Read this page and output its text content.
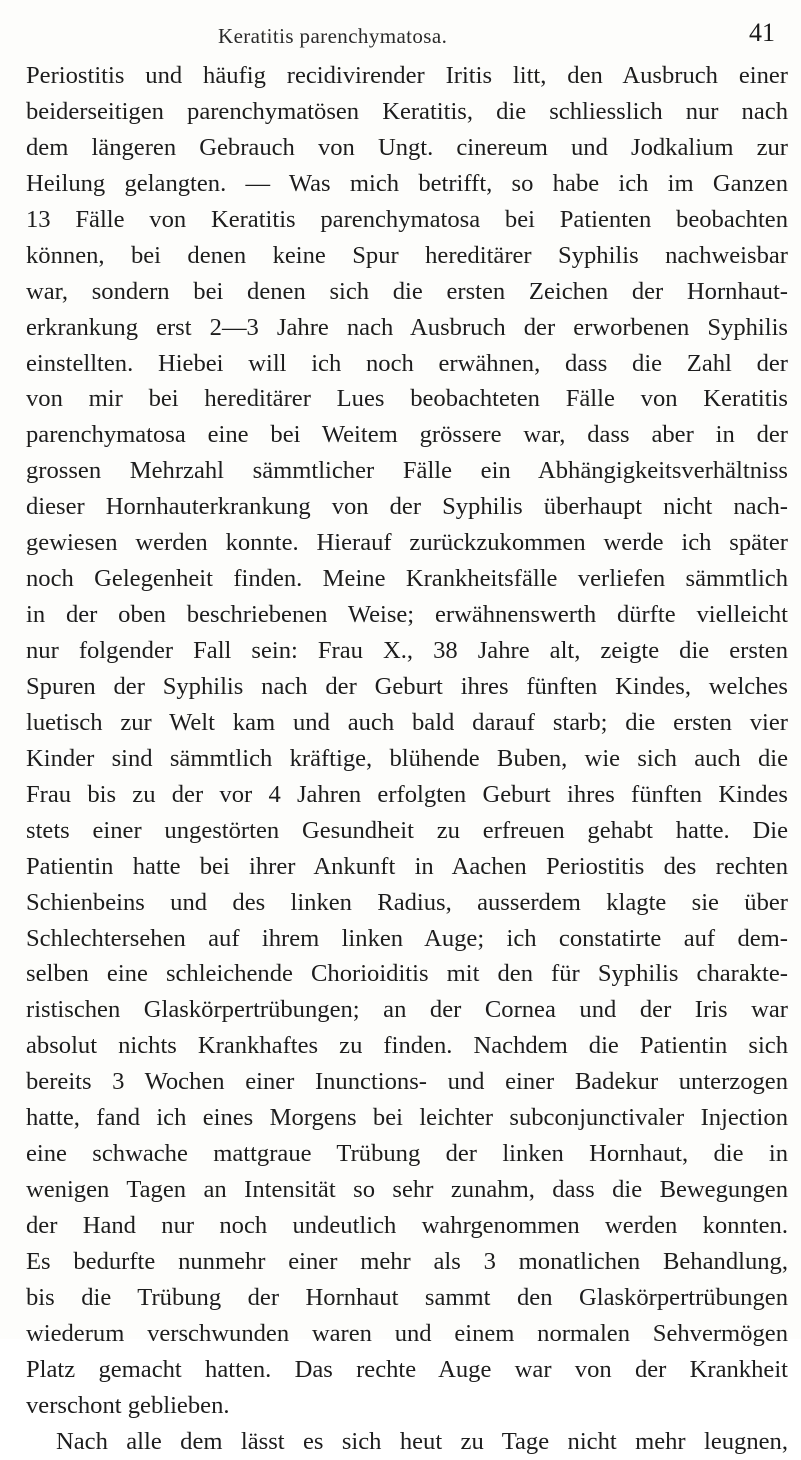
Keratitis parenchymatosa.	41
Periostitis und häufig recidivirender Iritis litt, den Ausbruch einer
beiderseitigen parenchymatösen Keratitis, die schliesslich nur nach
dem längeren Gebrauch von Ungt. cinereum und Jodkalium zur
Heilung gelangten. — Was mich betrifft, so habe ich im Ganzen
13 Fälle von Keratitis parenchymatosa bei Patienten beobachten
können, bei denen keine Spur hereditärer Syphilis nachweisbar
war, sondern bei denen sich die ersten Zeichen der Hornhaut-
erkrankung erst 2—3 Jahre nach Ausbruch der erworbenen Syphilis
einstellten. Hiebei will ich noch erwähnen, dass die Zahl der
von mir bei hereditärer Lues beobachteten Fälle von Keratitis
parenchymatosa eine bei Weitem grössere war, dass aber in der
grossen Mehrzahl sämmtlicher Fälle ein Abhängigkeitsverhältniss
dieser Hornhauterkrankung von der Syphilis überhaupt nicht nach-
gewiesen werden konnte. Hierauf zurückzukommen werde ich später
noch Gelegenheit finden. Meine Krankheitsfälle verliefen sämmtlich
in der oben beschriebenen Weise; erwähnenswerth dürfte vielleicht
nur folgender Fall sein: Frau X., 38 Jahre alt, zeigte die ersten
Spuren der Syphilis nach der Geburt ihres fünften Kindes, welches
luetisch zur Welt kam und auch bald darauf starb; die ersten vier
Kinder sind sämmtlich kräftige, blühende Buben, wie sich auch die
Frau bis zu der vor 4 Jahren erfolgten Geburt ihres fünften Kindes
stets einer ungestörten Gesundheit zu erfreuen gehabt hatte. Die
Patientin hatte bei ihrer Ankunft in Aachen Periostitis des rechten
Schienbeins und des linken Radius, ausserdem klagte sie über
Schlechtersehen auf ihrem linken Auge; ich constatirte auf dem-
selben eine schleichende Chorioiditis mit den für Syphilis charakte-
ristischen Glaskörpertrübungen; an der Cornea und der Iris war
absolut nichts Krankhaftes zu finden. Nachdem die Patientin sich
bereits 3 Wochen einer Inunctions- und einer Badekur unterzogen
hatte, fand ich eines Morgens bei leichter subconjunctivaler Injection
eine schwache mattgraue Trübung der linken Hornhaut, die in
wenigen Tagen an Intensität so sehr zunahm, dass die Bewegungen
der Hand nur noch undeutlich wahrgenommen werden konnten.
Es bedurfte nunmehr einer mehr als 3 monatlichen Behandlung,
bis die Trübung der Hornhaut sammt den Glaskörpertrübungen
wiederum verschwunden waren und einem normalen Sehvermögen
Platz gemacht hatten. Das rechte Auge war von der Krankheit
verschont geblieben.
Nach alle dem lässt es sich heut zu Tage nicht mehr leugnen,
